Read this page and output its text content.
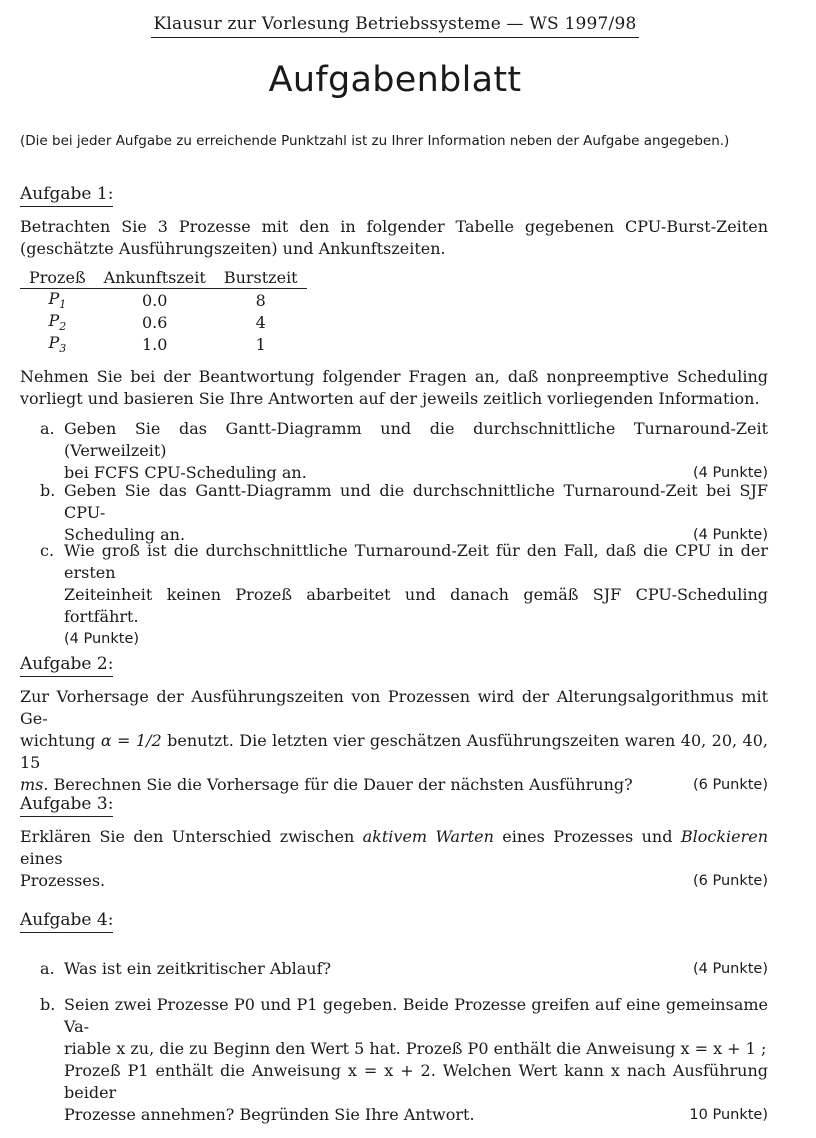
Klausur zur Vorlesung Betriebssysteme — WS 1997/98
Aufgabenblatt
(Die bei jeder Aufgabe zu erreichende Punktzahl ist zu Ihrer Information neben der Aufgabe angegeben.)
Aufgabe 1:
Betrachten Sie 3 Prozesse mit den in folgender Tabelle gegebenen CPU-Burst-Zeiten (geschätzte Ausführungszeiten) und Ankunftszeiten.
Prozeß	Ankunftszeit	Burstzeit
$P_1$	0.0	8
$P_2$	0.6	4
$P_3$	1.0	1
Nehmen Sie bei der Beantwortung folgender Fragen an, daß nonpreemptive Scheduling vorliegt und basieren Sie Ihre Antworten auf der jeweils zeitlich vorliegenden Information.
a. Geben Sie das Gantt-Diagramm und die durchschnittliche Turnaround-Zeit (Verweilzeit)
bei FCFS CPU-Scheduling an.	(4 Punkte)
b. Geben Sie das Gantt-Diagramm und die durchschnittliche Turnaround-Zeit bei SJF CPU-
Scheduling an.	(4 Punkte)
c. Wie groß ist die durchschnittliche Turnaround-Zeit für den Fall, daß die CPU in der ersten
Zeiteinheit keinen Prozeß abarbeitet und danach gemäß SJF CPU-Scheduling fortfährt.
(4 Punkte)
Aufgabe 2:
Zur Vorhersage der Ausführungszeiten von Prozessen wird der Alterungsalgorithmus mit Ge-
wichtung α = 1/2 benutzt. Die letzten vier geschätzen Ausführungszeiten waren 40, 20, 40, 15
ms. Berechnen Sie die Vorhersage für die Dauer der nächsten Ausführung?	(6 Punkte)
Aufgabe 3:
Erklären Sie den Unterschied zwischen aktivem Warten eines Prozesses und Blockieren eines
Prozesses.	(6 Punkte)
Aufgabe 4:
a. Was ist ein zeitkritischer Ablauf?	(4 Punkte)
b. Seien zwei Prozesse P0 und P1 gegeben. Beide Prozesse greifen auf eine gemeinsame Va-
riable x zu, die zu Beginn den Wert 5 hat. Prozeß P0 enthält die Anweisung x = x + 1 ;
Prozeß P1 enthält die Anweisung x = x + 2. Welchen Wert kann x nach Ausführung beider
Prozesse annehmen? Begründen Sie Ihre Antwort.	10 Punkte)
